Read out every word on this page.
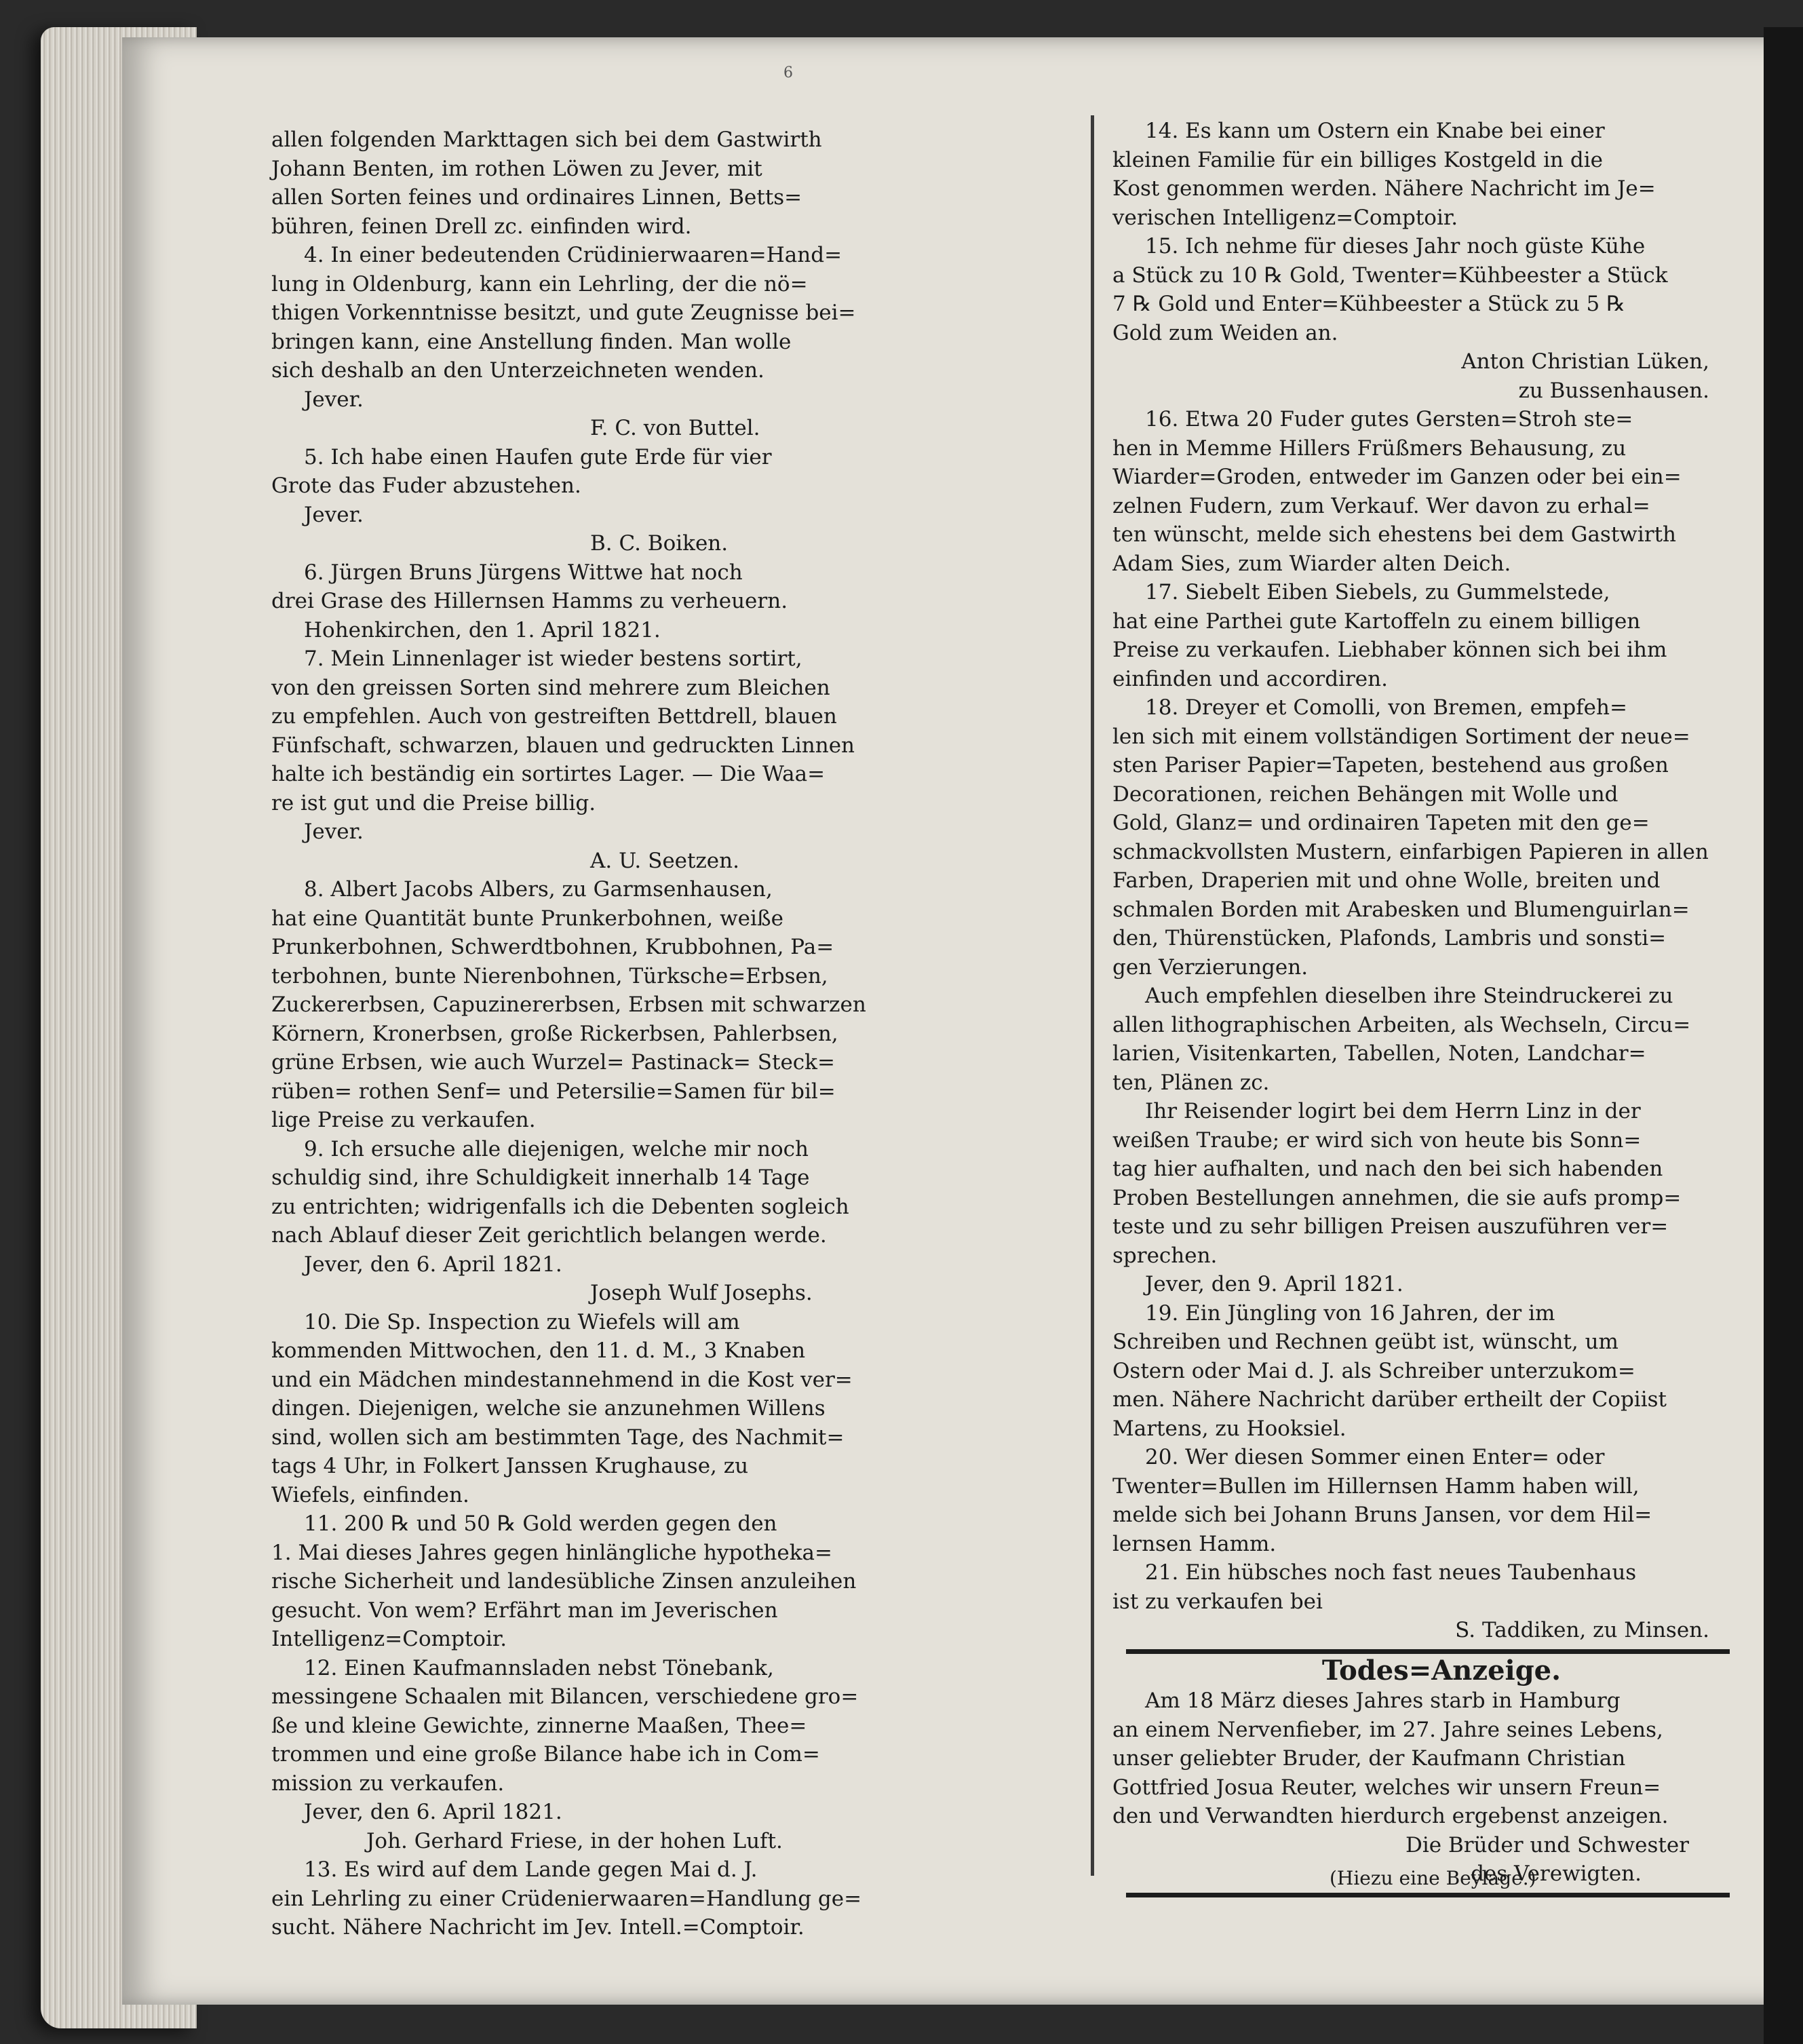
6
allen folgenden Markttagen sich bei dem Gastwirth
Johann Benten, im rothen Löwen zu Jever, mit
allen Sorten feines und ordinaires Linnen, Betts=
bühren, feinen Drell zc. einfinden wird.
4. In einer bedeutenden Crüdinierwaaren=Hand=
lung in Oldenburg, kann ein Lehrling, der die nö=
thigen Vorkenntnisse besitzt, und gute Zeugnisse bei=
bringen kann, eine Anstellung finden. Man wolle
sich deshalb an den Unterzeichneten wenden.
Jever.
F. C. von Buttel.
5. Ich habe einen Haufen gute Erde für vier
Grote das Fuder abzustehen.
Jever.
B. C. Boiken.
6. Jürgen Bruns Jürgens Wittwe hat noch
drei Grase des Hillernsen Hamms zu verheuern.
Hohenkirchen, den 1. April 1821.
7. Mein Linnenlager ist wieder bestens sortirt,
von den greissen Sorten sind mehrere zum Bleichen
zu empfehlen. Auch von gestreiften Bettdrell, blauen
Fünfschaft, schwarzen, blauen und gedruckten Linnen
halte ich beständig ein sortirtes Lager. — Die Waa=
re ist gut und die Preise billig.
Jever.
A. U. Seetzen.
8. Albert Jacobs Albers, zu Garmsenhausen,
hat eine Quantität bunte Prunkerbohnen, weiße
Prunkerbohnen, Schwerdtbohnen, Krubbohnen, Pa=
terbohnen, bunte Nierenbohnen, Türksche=Erbsen,
Zuckererbsen, Capuzinererbsen, Erbsen mit schwarzen
Körnern, Kronerbsen, große Rickerbsen, Pahlerbsen,
grüne Erbsen, wie auch Wurzel= Pastinack= Steck=
rüben= rothen Senf= und Petersilie=Samen für bil=
lige Preise zu verkaufen.
9. Ich ersuche alle diejenigen, welche mir noch
schuldig sind, ihre Schuldigkeit innerhalb 14 Tage
zu entrichten; widrigenfalls ich die Debenten sogleich
nach Ablauf dieser Zeit gerichtlich belangen werde.
Jever, den 6. April 1821.
Joseph Wulf Josephs.
10. Die Sp. Inspection zu Wiefels will am
kommenden Mittwochen, den 11. d. M., 3 Knaben
und ein Mädchen mindestannehmend in die Kost ver=
dingen. Diejenigen, welche sie anzunehmen Willens
sind, wollen sich am bestimmten Tage, des Nachmit=
tags 4 Uhr, in Folkert Janssen Krughause, zu
Wiefels, einfinden.
11. 200 ℞ und 50 ℞ Gold werden gegen den
1. Mai dieses Jahres gegen hinlängliche hypotheka=
rische Sicherheit und landesübliche Zinsen anzuleihen
gesucht. Von wem? Erfährt man im Jeverischen
Intelligenz=Comptoir.
12. Einen Kaufmannsladen nebst Tönebank,
messingene Schaalen mit Bilancen, verschiedene gro=
ße und kleine Gewichte, zinnerne Maaßen, Thee=
trommen und eine große Bilance habe ich in Com=
mission zu verkaufen.
Jever, den 6. April 1821.
Joh. Gerhard Friese, in der hohen Luft.
13. Es wird auf dem Lande gegen Mai d. J.
ein Lehrling zu einer Crüdenierwaaren=Handlung ge=
sucht. Nähere Nachricht im Jev. Intell.=Comptoir.
14. Es kann um Ostern ein Knabe bei einer
kleinen Familie für ein billiges Kostgeld in die
Kost genommen werden. Nähere Nachricht im Je=
verischen Intelligenz=Comptoir.
15. Ich nehme für dieses Jahr noch güste Kühe
a Stück zu 10 ℞ Gold, Twenter=Kühbeester a Stück
7 ℞ Gold und Enter=Kühbeester a Stück zu 5 ℞
Gold zum Weiden an.
Anton Christian Lüken,
zu Bussenhausen.
16. Etwa 20 Fuder gutes Gersten=Stroh ste=
hen in Memme Hillers Früßmers Behausung, zu
Wiarder=Groden, entweder im Ganzen oder bei ein=
zelnen Fudern, zum Verkauf. Wer davon zu erhal=
ten wünscht, melde sich ehestens bei dem Gastwirth
Adam Sies, zum Wiarder alten Deich.
17. Siebelt Eiben Siebels, zu Gummelstede,
hat eine Parthei gute Kartoffeln zu einem billigen
Preise zu verkaufen. Liebhaber können sich bei ihm
einfinden und accordiren.
18. Dreyer et Comolli, von Bremen, empfeh=
len sich mit einem vollständigen Sortiment der neue=
sten Pariser Papier=Tapeten, bestehend aus großen
Decorationen, reichen Behängen mit Wolle und
Gold, Glanz= und ordinairen Tapeten mit den ge=
schmackvollsten Mustern, einfarbigen Papieren in allen
Farben, Draperien mit und ohne Wolle, breiten und
schmalen Borden mit Arabesken und Blumenguirlan=
den, Thürenstücken, Plafonds, Lambris und sonsti=
gen Verzierungen.
Auch empfehlen dieselben ihre Steindruckerei zu
allen lithographischen Arbeiten, als Wechseln, Circu=
larien, Visitenkarten, Tabellen, Noten, Landchar=
ten, Plänen zc.
Ihr Reisender logirt bei dem Herrn Linz in der
weißen Traube; er wird sich von heute bis Sonn=
tag hier aufhalten, und nach den bei sich habenden
Proben Bestellungen annehmen, die sie aufs promp=
teste und zu sehr billigen Preisen auszuführen ver=
sprechen.
Jever, den 9. April 1821.
19. Ein Jüngling von 16 Jahren, der im
Schreiben und Rechnen geübt ist, wünscht, um
Ostern oder Mai d. J. als Schreiber unterzukom=
men. Nähere Nachricht darüber ertheilt der Copiist
Martens, zu Hooksiel.
20. Wer diesen Sommer einen Enter= oder
Twenter=Bullen im Hillernsen Hamm haben will,
melde sich bei Johann Bruns Jansen, vor dem Hil=
lernsen Hamm.
21. Ein hübsches noch fast neues Taubenhaus
ist zu verkaufen bei
S. Taddiken, zu Minsen.
Todes=Anzeige.
Am 18 März dieses Jahres starb in Hamburg
an einem Nervenfieber, im 27. Jahre seines Lebens,
unser geliebter Bruder, der Kaufmann Christian
Gottfried Josua Reuter, welches wir unsern Freun=
den und Verwandten hierdurch ergebenst anzeigen.
Die Brüder und Schwester
des Verewigten.
(Hiezu eine Beylage.)
